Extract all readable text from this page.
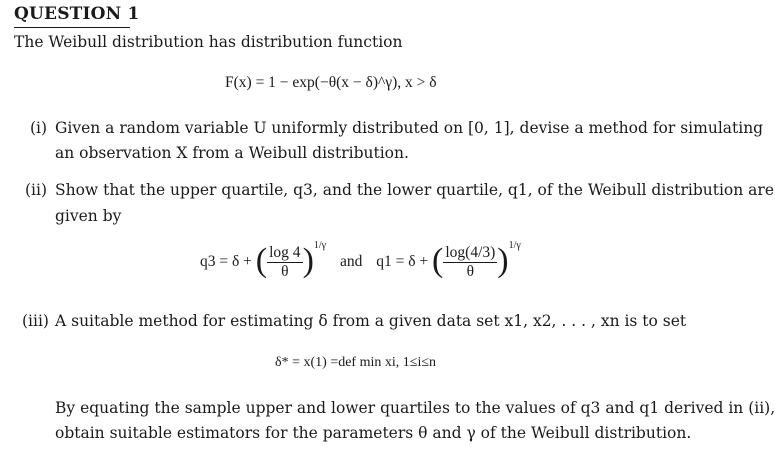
QUESTION 1
The Weibull distribution has distribution function
F(x) = 1 − exp(−θ(x − δ)^γ), x > δ
(i) Given a random variable U uniformly distributed on [0, 1], devise a method for simulating
an observation X from a Weibull distribution.
(ii) Show that the upper quartile, q3, and the lower quartile, q1, of the Weibull distribution are
given by
q3 = δ + ( $\frac{\log 4}{\theta} )^{1/\gamma}$ and q1 = δ + ( $\frac{\log(4/3)}{\theta} )^{1/\gamma}$
(iii) A suitable method for estimating δ from a given data set x1, x2, . . . , xn is to set
δ* = x(1) =def min xi, 1≤i≤n
By equating the sample upper and lower quartiles to the values of q3 and q1 derived in (ii),
obtain suitable estimators for the parameters θ and γ of the Weibull distribution.
